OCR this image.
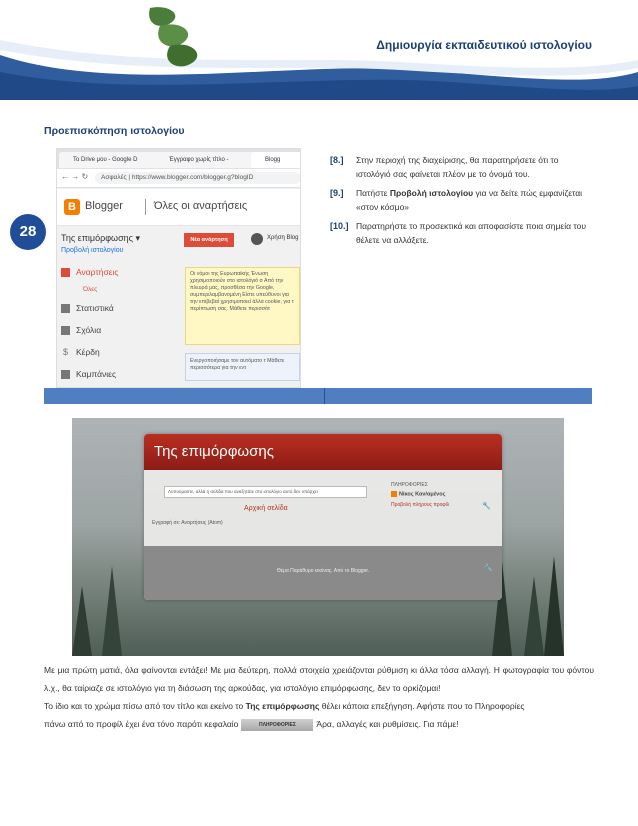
Δημιουργία εκπαιδευτικού ιστολογίου
Προεπισκόπηση ιστολογίου
28
Το Drive μου - Google D	Έγγραφο χωρίς τίτλο -	Blogg
← → ↻	Ασφαλές | https://www.blogger.com/blogger.g?blogID
B Blogger	Όλες οι αναρτήσεις
Της επιμόρφωσης ▾
Προβολή ιστολογίου
Νέα ανάρτηση	Χρήση Blog
Αναρτήσεις
Όλες
Στατιστικά
Σχόλια
$ Κέρδη
Καμπάνιες
Οι νόμοι της Ευρωπαϊκής Ένωση χρησιμοποιούν στο ιστολόγιό σ Από την πλευρά μας, προσθέσα την Google, συμπεριλαμβανομένη Είστε υπεύθυνοι για την επιβεβαί χρησιμοποιεί άλλα cookie, για τ περίπτωση σας. Μάθετε περισσότ
Ενεργοποιήσαμε τον αυτόματο τ Μάθετε περισσότερα για την εντ
[8.] Στην περιοχή της διαχείρισης, θα παρατηρήσετε ότι το ιστολόγιό σας φαίνεται πλέον με το όνομά του.
[9.] Πατήστε Προβολή ιστολογίου για να δείτε πώς εμφανίζεται «στον κόσμο»
[10.] Παρατηρήστε το προσεκτικά και αποφασίστε ποια σημεία του θέλετε να αλλάξετε.
Της επιμόρφωσης
Λυπούμαστε, αλλά η σελίδα που αναζητάτε στο ιστολόγιο αυτό δεν υπάρχει
Αρχική σελίδα
Εγγραφή σε: Αναρτήσεις (Atom)
ΠΛΗΡΟΦΟΡΙΕΣ
Νίκος Καν/αμένος
Προβολή πλήρους προφίλ	🔧
Θέμα Παράθυρο εικόνας. Από το Blogger.	🔧

Με μια πρώτη ματιά, όλα φαίνονται εντάξει! Με μια δεύτερη, πολλά στοιχεία χρειάζονται ρύθμιση κι άλλα τόσα αλλαγή. Η φωτογραφία του φόντου λ.χ., θα ταίριαζε σε ιστολόγιο για τη διάσωση της αρκούδας, για ιστολόγιο επιμόρφωσης, δεν το ορκίζομαι!

Το ίδιο και το χρώμα πίσω από τον τίτλο και εκείνο το Της επιμόρφωσης θέλει κάποια επεξήγηση. Αφήστε που το Πληροφορίες

πάνω από το προφίλ έχει ένα τόνο παρότι κεφαλαίο	ΠΛΗΡΟΦΟΡΙΕΣ Άρα, αλλαγές και ρυθμίσεις. Για πάμε!
